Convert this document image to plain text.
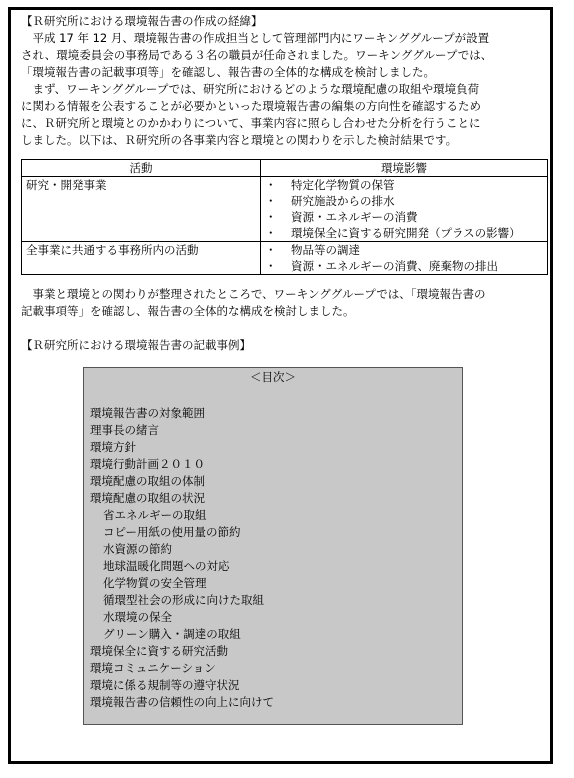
【Ｒ研究所における環境報告書の作成の経緯】
　平成 17 年 12 月、環境報告書の作成担当として管理部門内にワーキンググループが設置
され、環境委員会の事務局である３名の職員が任命されました。ワーキンググループでは、
「環境報告書の記載事項等」を確認し、報告書の全体的な構成を検討しました。
　まず、ワーキンググループでは、研究所におけるどのような環境配慮の取組や環境負荷
に関わる情報を公表することが必要かといった環境報告書の編集の方向性を確認するため
に、Ｒ研究所と環境とのかかわりについて、事業内容に照らし合わせた分析を行うことに
しました。以下は、Ｒ研究所の各事業内容と環境との関わりを示した検討結果です。
活動	環境影響
研究・開発事業	・ 特定化学物質の保管
・ 研究施設からの排水
・ 資源・エネルギーの消費
・ 環境保全に資する研究開発（プラスの影響）

全事業に共通する事務所内の活動	・ 物品等の調達
・ 資源・エネルギーの消費、廃棄物の排出
　事業と環境との関わりが整理されたところで、ワーキンググループでは、「環境報告書の
記載事項等」を確認し、報告書の全体的な構成を検討しました。
【Ｒ研究所における環境報告書の記載事例】
＜目次＞
環境報告書の対象範囲
理事長の緒言
環境方針
環境行動計画２０１０
環境配慮の取組の体制
環境配慮の取組の状況
省エネルギーの取組
コピー用紙の使用量の節約
水資源の節約
地球温暖化問題への対応
化学物質の安全管理
循環型社会の形成に向けた取組
水環境の保全
グリーン購入・調達の取組
環境保全に資する研究活動
環境コミュニケーション
環境に係る規制等の遵守状況
環境報告書の信頼性の向上に向けて
